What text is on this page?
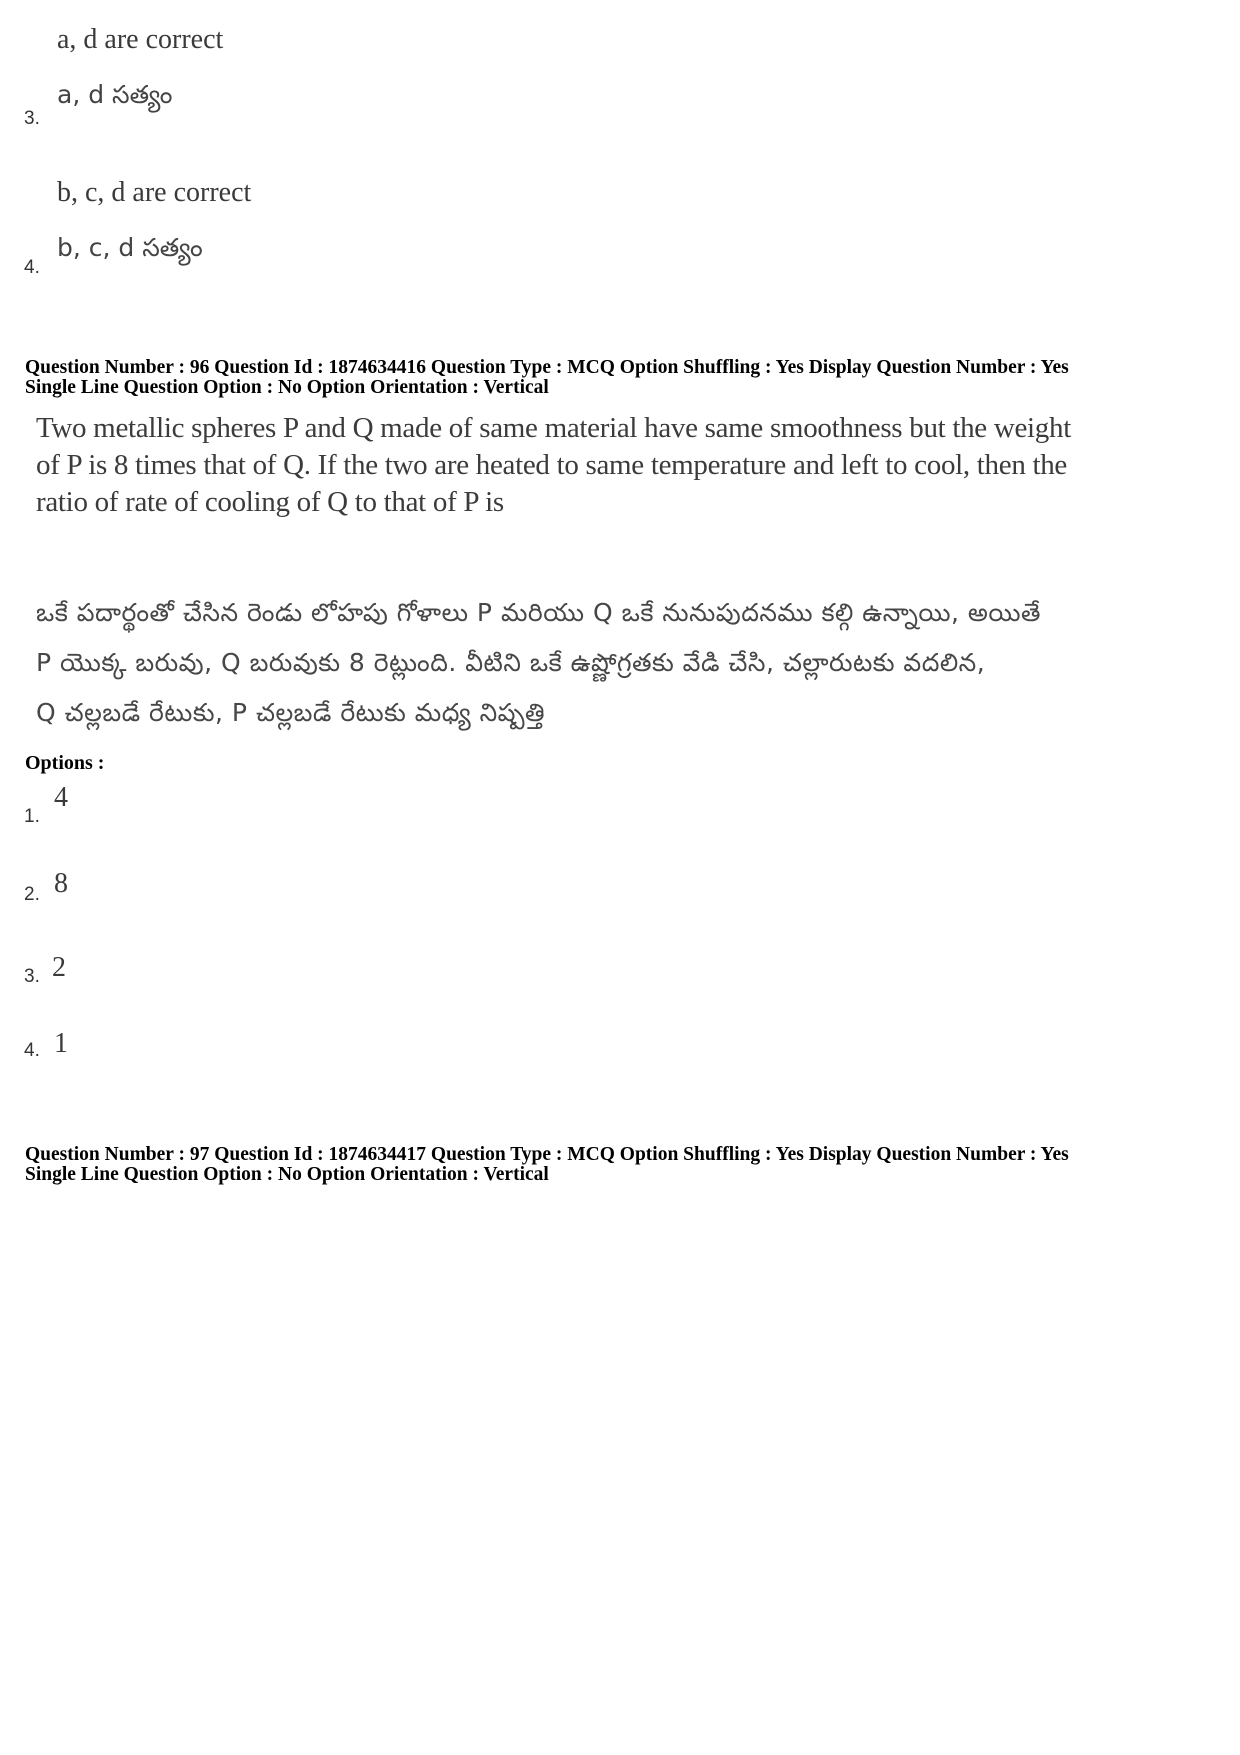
a, d are correct
a, d సత్యం
3.
b, c, d are correct
b, c, d సత్యం
4.
Question Number : 96 Question Id : 1874634416 Question Type : MCQ Option Shuffling : Yes Display Question Number : Yes
Single Line Question Option : No Option Orientation : Vertical
Two metallic spheres P and Q made of same material have same smoothness but the weight
of P is 8 times that of Q. If the two are heated to same temperature and left to cool, then the
ratio of rate of cooling of Q to that of P is
ఒకే పదార్థంతో చేసిన రెండు లోహపు గోళాలు P మరియు Q ఒకే నునుపుదనము కల్గి ఉన్నాయి, అయితే
P యొక్క బరువు, Q బరువుకు 8 రెట్లుంది. వీటిని ఒకే ఉష్ణోగ్రతకు వేడి చేసి, చల్లారుటకు వదలిన,
Q చల్లబడే రేటుకు, P చల్లబడే రేటుకు మధ్య నిష్పత్తి
Options :
1.
4
2. 8
3. 2
4. 1
Question Number : 97 Question Id : 1874634417 Question Type : MCQ Option Shuffling : Yes Display Question Number : Yes
Single Line Question Option : No Option Orientation : Vertical
